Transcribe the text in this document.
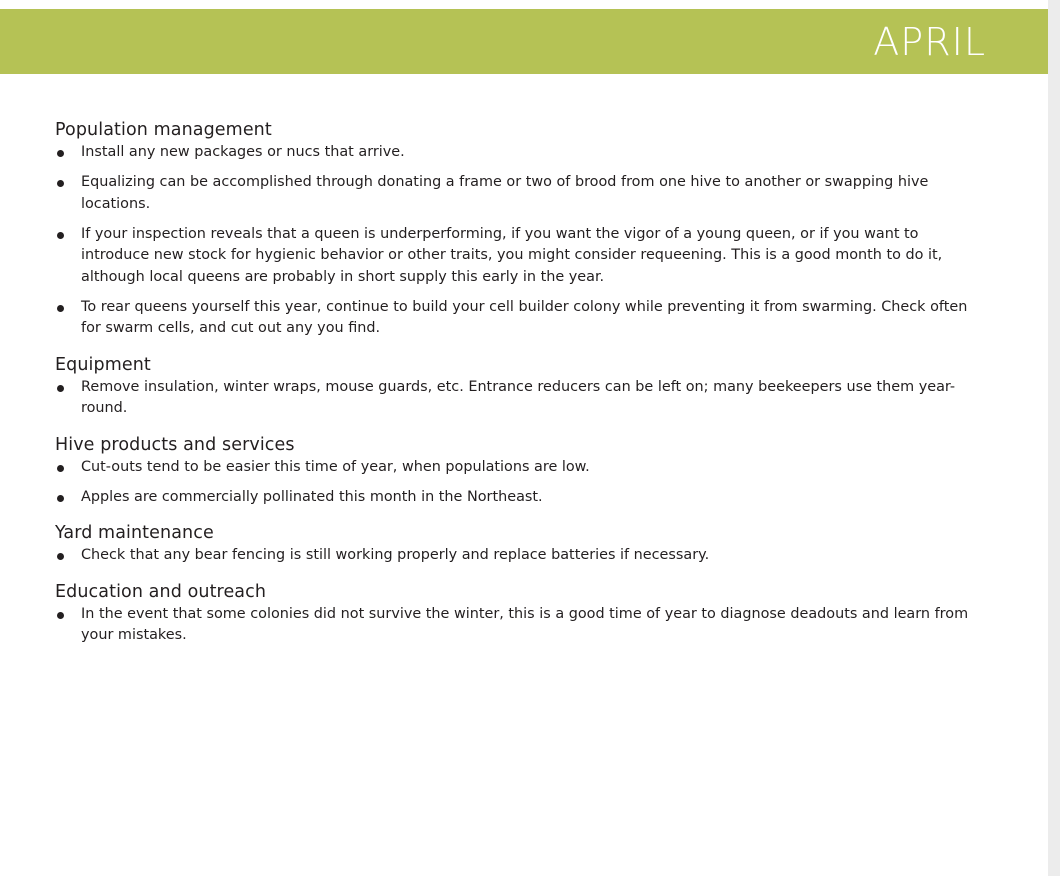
APRIL
Population management
Install any new packages or nucs that arrive.
Equalizing can be accomplished through donating a frame or two of brood from one hive to another or swapping hive locations.
If your inspection reveals that a queen is underperforming, if you want the vigor of a young queen, or if you want to introduce new stock for hygienic behavior or other traits, you might consider requeening. This is a good month to do it, although local queens are probably in short supply this early in the year.
To rear queens yourself this year, continue to build your cell builder colony while preventing it from swarming. Check often for swarm cells, and cut out any you find.
Equipment
Remove insulation, winter wraps, mouse guards, etc. Entrance reducers can be left on; many beekeepers use them year-round.
Hive products and services
Cut-outs tend to be easier this time of year, when populations are low.
Apples are commercially pollinated this month in the Northeast.
Yard maintenance
Check that any bear fencing is still working properly and replace batteries if necessary.
Education and outreach
In the event that some colonies did not survive the winter, this is a good time of year to diagnose deadouts and learn from your mistakes.
